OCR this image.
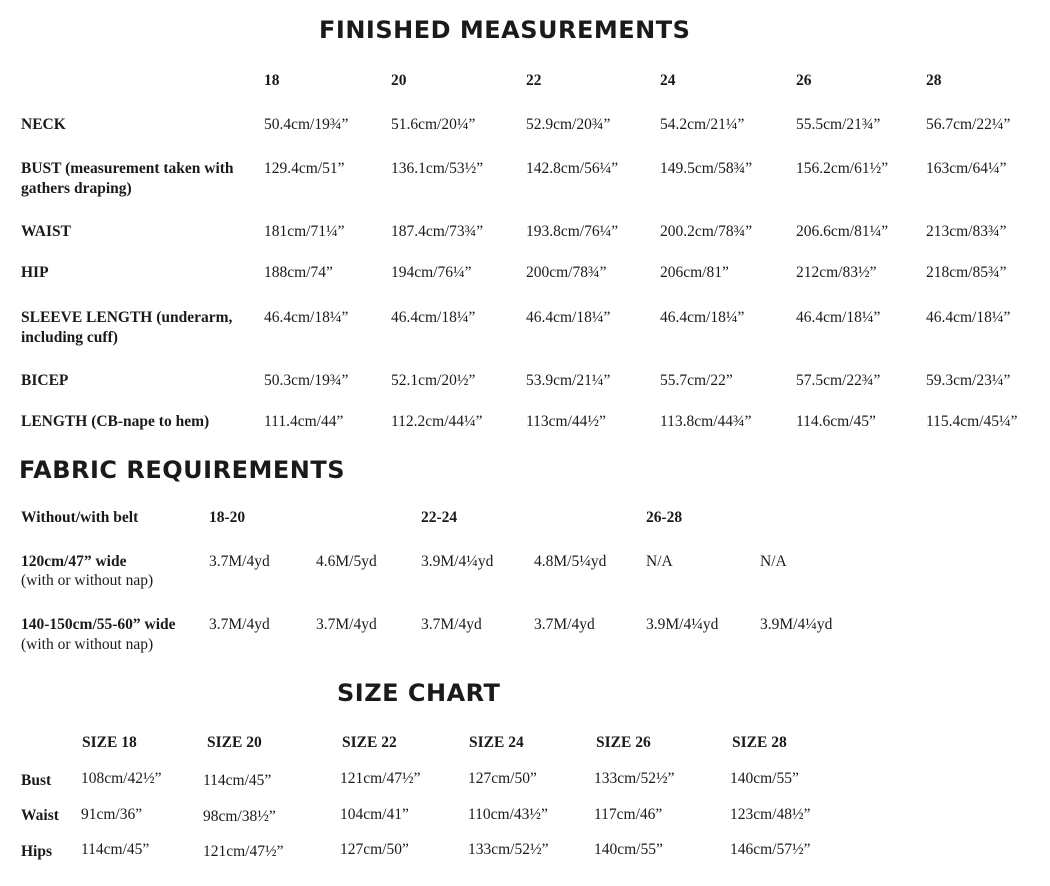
FINISHED MEASUREMENTS
18	20	22	24	26	28
NECK	50.4cm/19¾”	51.6cm/20¼”	52.9cm/20¾”	54.2cm/21¼”	55.5cm/21¾”	56.7cm/22¼”
BUST (measurement taken with
gathers draping)
129.4cm/51”	136.1cm/53½”	142.8cm/56¼”	149.5cm/58¾”	156.2cm/61½” 163cm/64¼”
WAIST	181cm/71¼”	187.4cm/73¾”	193.8cm/76¼”	200.2cm/78¾”	206.6cm/81¼” 213cm/83¾”
HIP	188cm/74”	194cm/76¼”	200cm/78¾”	206cm/81”	212cm/83½”	218cm/85¾”
SLEEVE LENGTH (underarm,
including cuff)
46.4cm/18¼”	46.4cm/18¼”	46.4cm/18¼”	46.4cm/18¼”	46.4cm/18¼”	46.4cm/18¼”
BICEP	50.3cm/19¾”	52.1cm/20½”	53.9cm/21¼”	55.7cm/22”	57.5cm/22¾”	59.3cm/23¼”
LENGTH (CB-nape to hem)	111.4cm/44”	112.2cm/44¼”	113cm/44½”	113.8cm/44¾”	114.6cm/45”	115.4cm/45¼”
FABRIC REQUIREMENTS
Without/with belt	18-20	22-24	26-28
120cm/47” wide
(with or without nap)
3.7M/4yd	4.6M/5yd	3.9M/4¼yd	4.8M/5¼yd	N/A	N/A
140-150cm/55-60” wide
(with or without nap)
3.7M/4yd	3.7M/4yd	3.7M/4yd	3.7M/4yd	3.9M/4¼yd	3.9M/4¼yd
SIZE CHART
SIZE 18	SIZE 20	SIZE 22	SIZE 24	SIZE 26	SIZE 28
Bust 108cm/42½”	114cm/45”	121cm/47½”	127cm/50”	133cm/52½”	140cm/55”
Waist 91cm/36”	98cm/38½”	104cm/41”	110cm/43½”	117cm/46”	123cm/48½”
Hips 114cm/45”	121cm/47½”	127cm/50”	133cm/52½”	140cm/55”	146cm/57½”
